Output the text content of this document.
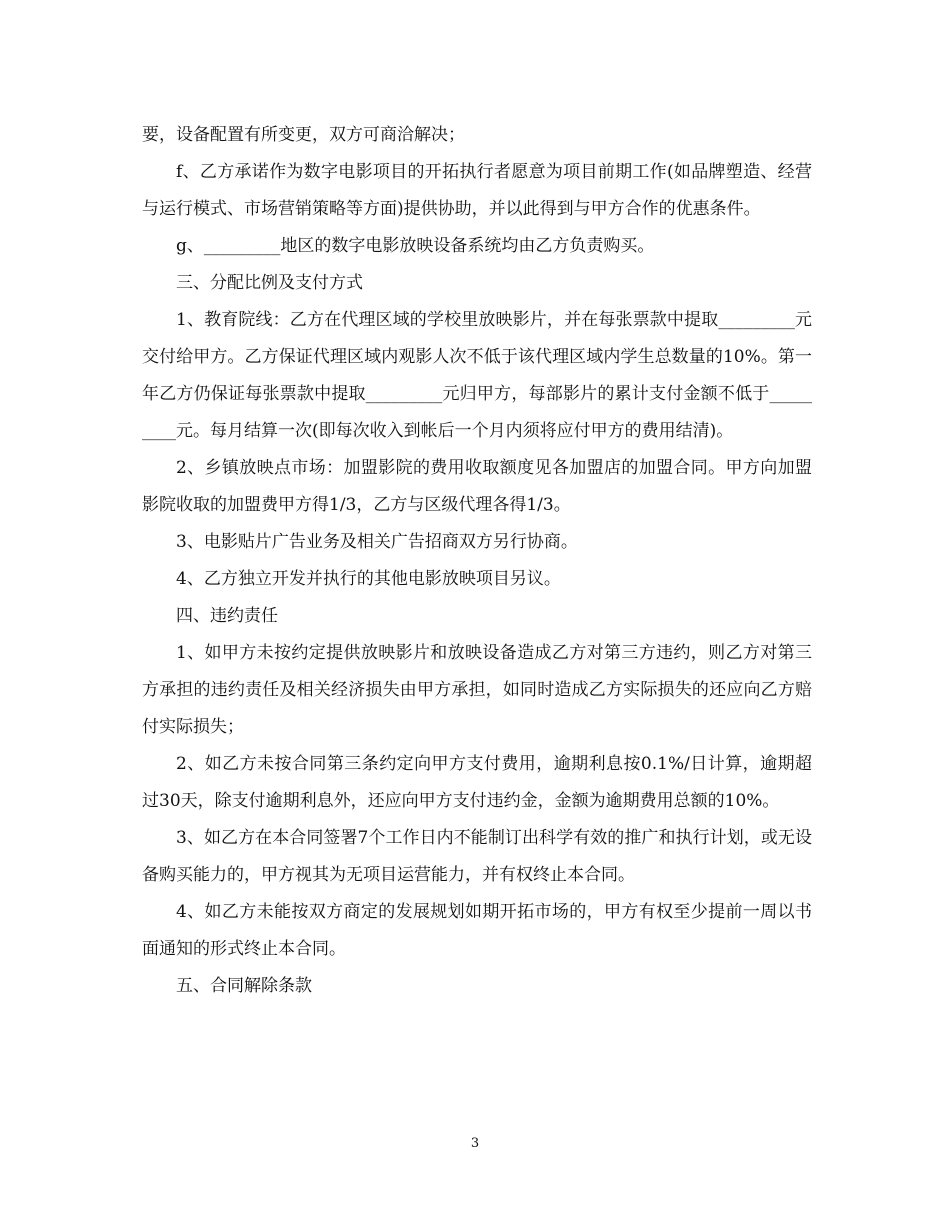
要，设备配置有所变更，双方可商洽解决；

f、乙方承诺作为数字电影项目的开拓执行者愿意为项目前期工作(如品牌塑造、经营与运行模式、市场营销策略等方面)提供协助，并以此得到与甲方合作的优惠条件。

g、_________地区的数字电影放映设备系统均由乙方负责购买。

三、分配比例及支付方式

1、教育院线：乙方在代理区域的学校里放映影片，并在每张票款中提取_________元交付给甲方。乙方保证代理区域内观影人次不低于该代理区域内学生总数量的10%。第一年乙方仍保证每张票款中提取_________元归甲方，每部影片的累计支付金额不低于_________元。每月结算一次(即每次收入到帐后一个月内须将应付甲方的费用结清)。

2、乡镇放映点市场：加盟影院的费用收取额度见各加盟店的加盟合同。甲方向加盟影院收取的加盟费甲方得1/3，乙方与区级代理各得1/3。

3、电影贴片广告业务及相关广告招商双方另行协商。

4、乙方独立开发并执行的其他电影放映项目另议。

四、违约责任

1、如甲方未按约定提供放映影片和放映设备造成乙方对第三方违约，则乙方对第三方承担的违约责任及相关经济损失由甲方承担，如同时造成乙方实际损失的还应向乙方赔付实际损失；

2、如乙方未按合同第三条约定向甲方支付费用，逾期利息按0.1%/日计算，逾期超过30天，除支付逾期利息外，还应向甲方支付违约金，金额为逾期费用总额的10%。

3、如乙方在本合同签署7个工作日内不能制订出科学有效的推广和执行计划，或无设备购买能力的，甲方视其为无项目运营能力，并有权终止本合同。

4、如乙方未能按双方商定的发展规划如期开拓市场的，甲方有权至少提前一周以书面通知的形式终止本合同。

五、合同解除条款

3
